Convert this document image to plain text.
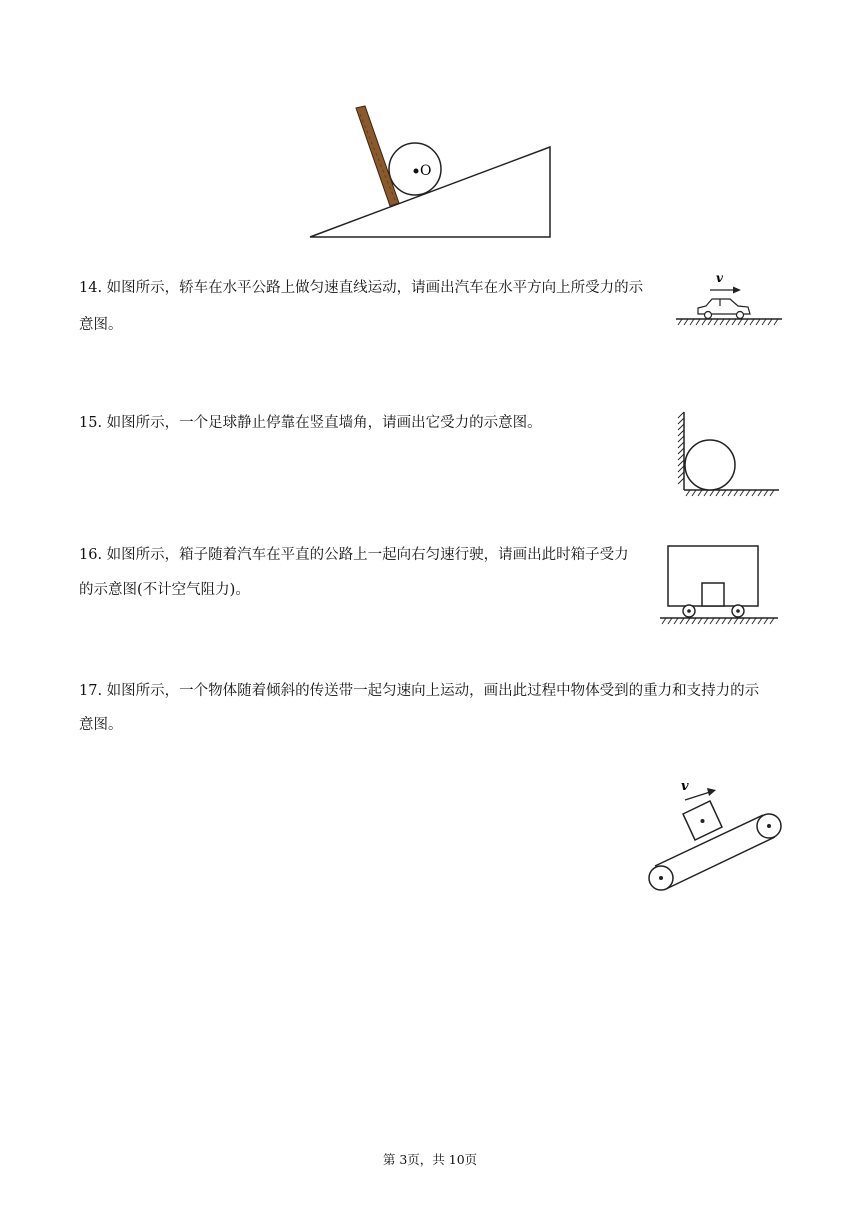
O
14. 如图所示，轿车在水平公路上做匀速直线运动，请画出汽车在水平方向上所受力的示
意图。
v
15. 如图所示，一个足球静止停靠在竖直墙角，请画出它受力的示意图。
16. 如图所示，箱子随着汽车在平直的公路上一起向右匀速行驶，请画出此时箱子受力
的示意图(不计空气阻力)。
17. 如图所示，一个物体随着倾斜的传送带一起匀速向上运动，画出此过程中物体受到的重力和支持力的示
意图。
v
第 3页，共 10页
